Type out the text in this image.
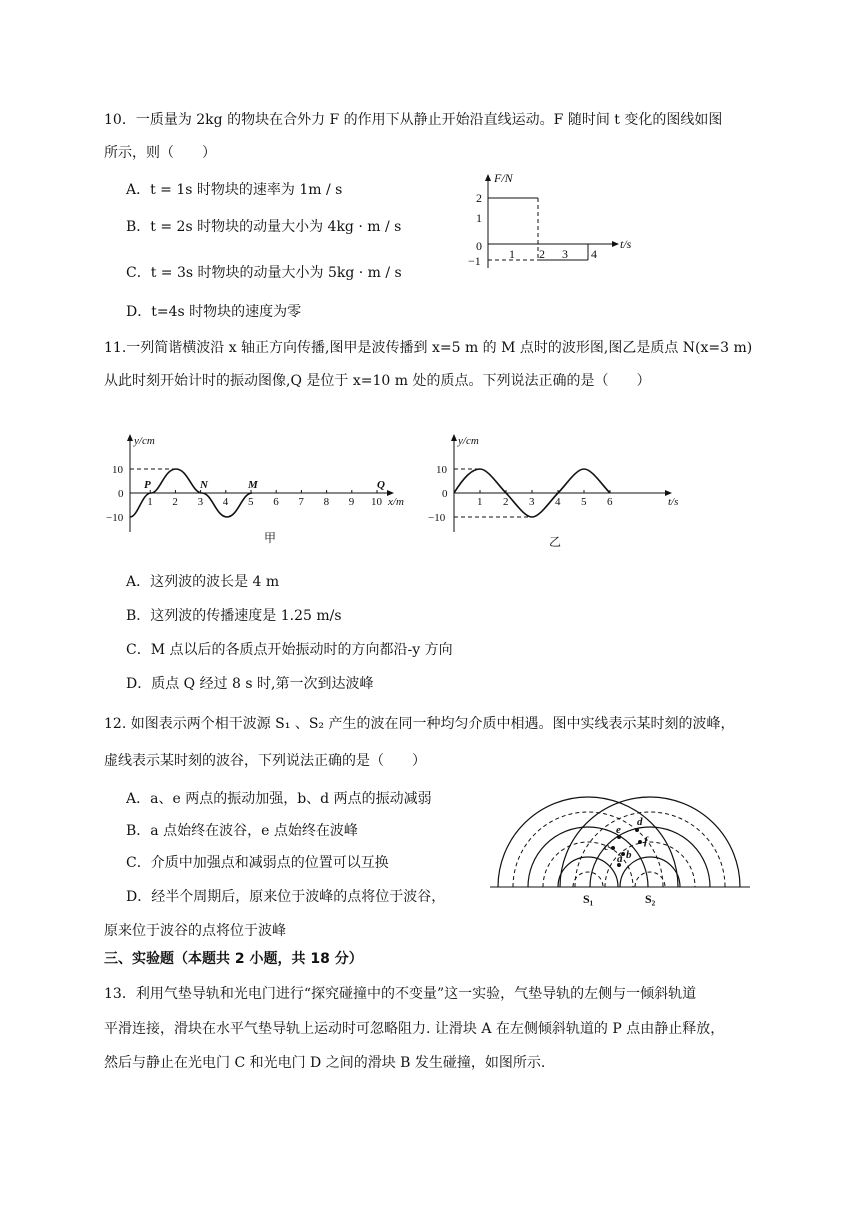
10．一质量为 2kg 的物块在合外力 F 的作用下从静止开始沿直线运动。F 随时间 t 变化的图线如图
所示，则（　　）
A．t = 1s 时物块的速率为 1m / s
B．t = 2s 时物块的动量大小为 4kg · m / s
C．t = 3s 时物块的动量大小为 5kg · m / s
D．t=4s 时物块的速度为零
F/N
t/s
0
2
1
−1 1 2 3 4
11.一列简谐横波沿 x 轴正方向传播,图甲是波传播到 x=5 m 的 M 点时的波形图,图乙是质点 N(x=3 m)
从此时刻开始计时的振动图像,Q 是位于 x=10 m 处的质点。下列说法正确的是（　　）
y/cm
x/m
0
10
−10
1 2 3 4 5 6 7 8 9 10
P	N	M	Q
甲
y/cm
t/s
0
10
−10
1 2 3 4 5 6
乙
A．这列波的波长是 4 m
B．这列波的传播速度是 1.25 m/s
C．M 点以后的各质点开始振动时的方向都沿-y 方向
D．质点 Q 经过 8 s 时,第一次到达波峰
12. 如图表示两个相干波源 S₁ 、S₂ 产生的波在同一种均匀介质中相遇。图中实线表示某时刻的波峰，
虚线表示某时刻的波谷，下列说法正确的是（　　）
A．a、e 两点的振动加强，b、d 两点的振动减弱
B．a 点始终在波谷，e 点始终在波峰
C．介质中加强点和减弱点的位置可以互换
D．经半个周期后，原来位于波峰的点将位于波谷，
原来位于波谷的点将位于波峰
e
d
c	f
b
a
S₁	S₂
三、实验题（本题共 2 小题，共 18 分）
13．利用气垫导轨和光电门进行“探究碰撞中的不变量”这一实验，气垫导轨的左侧与一倾斜轨道
平滑连接，滑块在水平气垫导轨上运动时可忽略阻力. 让滑块 A 在左侧倾斜轨道的 P 点由静止释放，
然后与静止在光电门 C 和光电门 D 之间的滑块 B 发生碰撞，如图所示.
